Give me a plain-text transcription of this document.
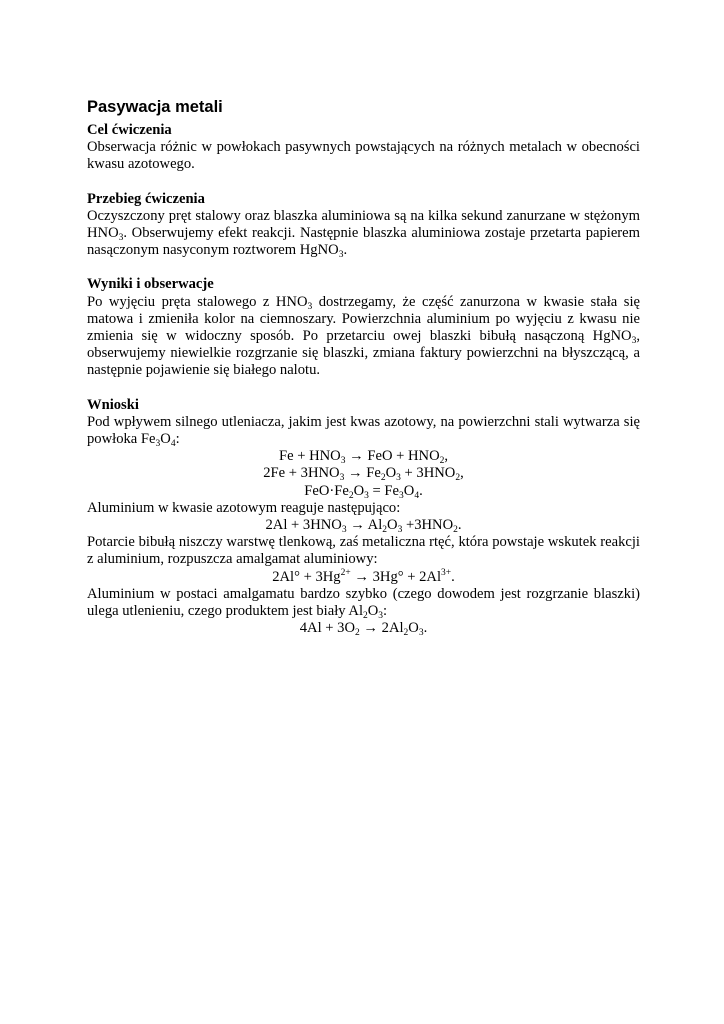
Pasywacja metali

Cel ćwiczenia

Obserwacja różnic w powłokach pasywnych powstających na różnych metalach w obecności kwasu azotowego.

Przebieg ćwiczenia

Oczyszczony pręt stalowy oraz blaszka aluminiowa są na kilka sekund zanurzane w stężonym $HNO_3$. Obserwujemy efekt reakcji. Następnie blaszka aluminiowa zostaje przetarta papierem nasączonym nasyconym roztworem HgNO$_3$.

Wyniki i obserwacje

Po wyjęciu pręta stalowego z $HNO_3$ dostrzegamy, że część zanurzona w kwasie stała się matowa i zmieniła kolor na ciemnoszary. Powierzchnia aluminium po wyjęciu z kwasu nie zmienia się w widoczny sposób. Po przetarciu owej blaszki bibułą nasączoną HgNO$_3$, obserwujemy niewielkie rozgrzanie się blaszki, zmiana faktury powierzchni na błyszczącą, a następnie pojawienie się białego nalotu.

Wnioski

Pod wpływem silnego utleniacza, jakim jest kwas azotowy, na powierzchni stali wytwarza się powłoka $Fe_3O_4$:

$Fe + HNO_3$ → FeO + $HNO_2$,

$2Fe + 3HNO_3 \to Fe_2O_3 + 3HNO_2$,

$FeO\cdot Fe_2O_3 = Fe_3O_4$.

Aluminium w kwasie azotowym reaguje następująco:

$2Al + 3HNO_3 \to Al_2O_3 +3HNO_2$.

Potarcie bibułą niszczy warstwę tlenkową, zaś metaliczna rtęć, która powstaje wskutek reakcji z aluminium, rozpuszcza amalgamat aluminiowy:

$2Al^\circ + 3Hg^{2+} \to 3Hg^\circ + 2Al^{3+}$.

Aluminium w postaci amalgamatu bardzo szybko (czego dowodem jest rozgrzanie blaszki) ulega utlenieniu, czego produktem jest biały $Al_2O_3$:

$4Al + 3O_2 \to 2Al_2O_3$.
